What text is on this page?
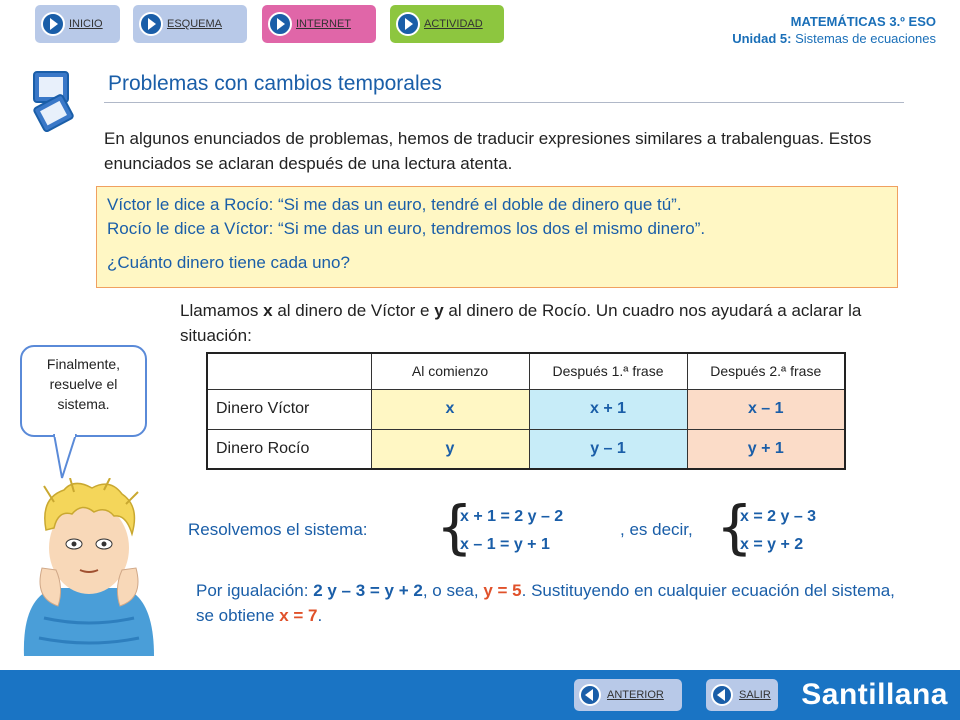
INICIO	ESQUEMA	INTERNET	ACTIVIDAD	MATEMÁTICAS 3.º ESO
Unidad 5: Sistemas de ecuaciones
Problemas con cambios temporales
En algunos enunciados de problemas, hemos de traducir expresiones similares a trabalenguas. Estos enunciados se aclaran después de una lectura atenta.
Víctor le dice a Rocío: “Si me das un euro, tendré el doble de dinero que tú”.
Rocío le dice a Víctor: “Si me das un euro, tendremos los dos el mismo dinero”.
¿Cuánto dinero tiene cada uno?
Llamamos x al dinero de Víctor e y al dinero de Rocío. Un cuadro nos ayudará a aclarar la situación:
Finalmente, resuelve el sistema.
	Al comienzo	Después 1.ª frase	Después 2.ª frase
Dinero Víctor	x	x + 1	x – 1
Dinero Rocío	y	y – 1	y + 1
Resolvemos el sistema: {
x + 1 = 2 y – 2
x – 1 = y + 1
, es decir, {
x = 2 y – 3
x = y + 2
Por igualación: 2 y – 3 = y + 2, o sea, y = 5. Sustituyendo en cualquier ecuación del sistema, se obtiene x = 7.
ANTERIOR	SALIR Santillana
